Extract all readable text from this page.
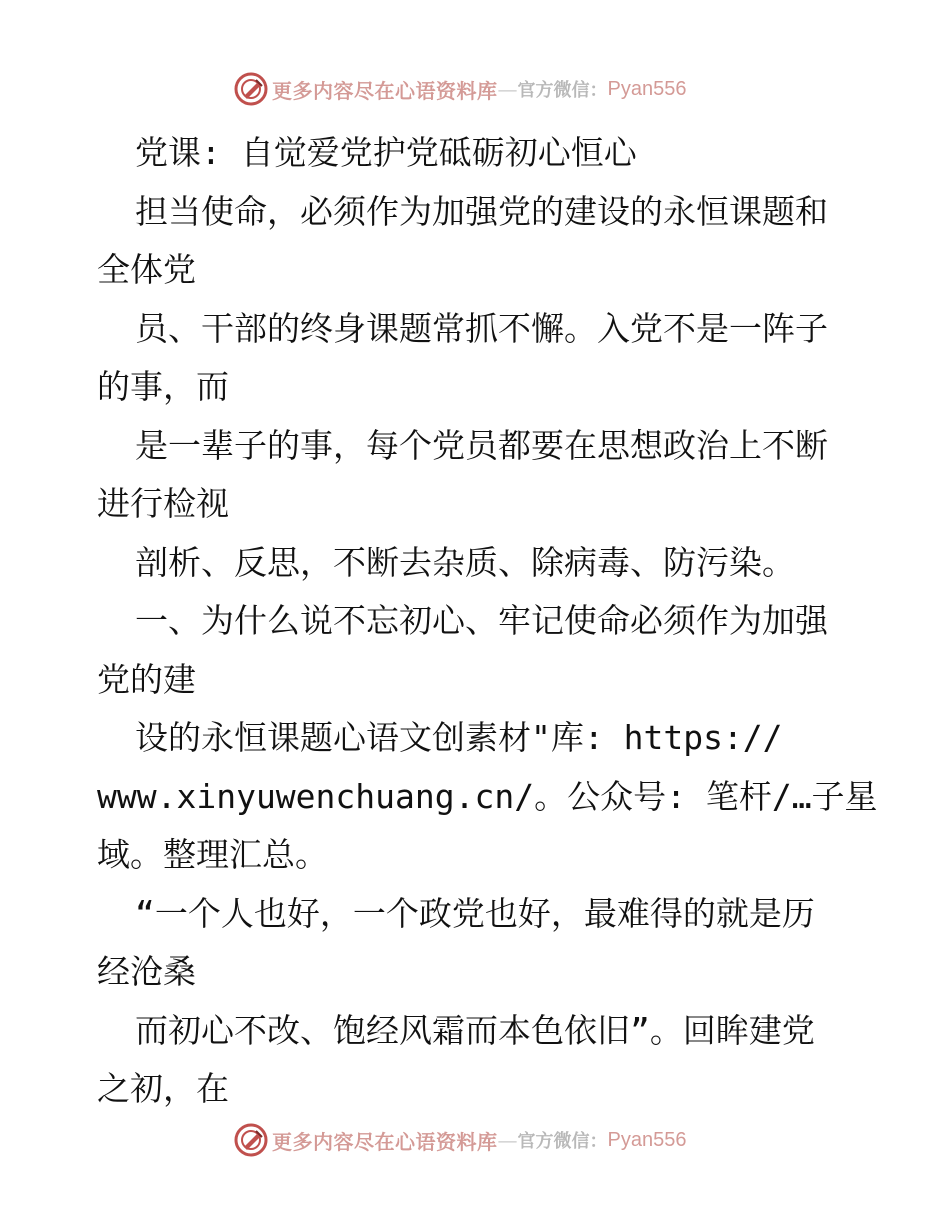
更多内容尽在心语资料库 — 官方微信： Pyan556
党课: 自觉爱党护党砥砺初心恒心
担当使命，必须作为加强党的建设的永恒课题和
全体党
员、干部的终身课题常抓不懈。入党不是一阵子
的事，而
是一辈子的事，每个党员都要在思想政治上不断
进行检视
剖析、反思，不断去杂质、除病毒、防污染。
一、为什么说不忘初心、牢记使命必须作为加强
党的建
设的永恒课题心语文创素材"库: https://
www.xinyuwenchuang.cn/。公众号: 笔杆/…子星
域。整理汇总。
“一个人也好，一个政党也好，最难得的就是历
经沧桑
而初心不改、饱经风霜而本色依旧”。回眸建党
之初，在
更多内容尽在心语资料库 — 官方微信： Pyan556
